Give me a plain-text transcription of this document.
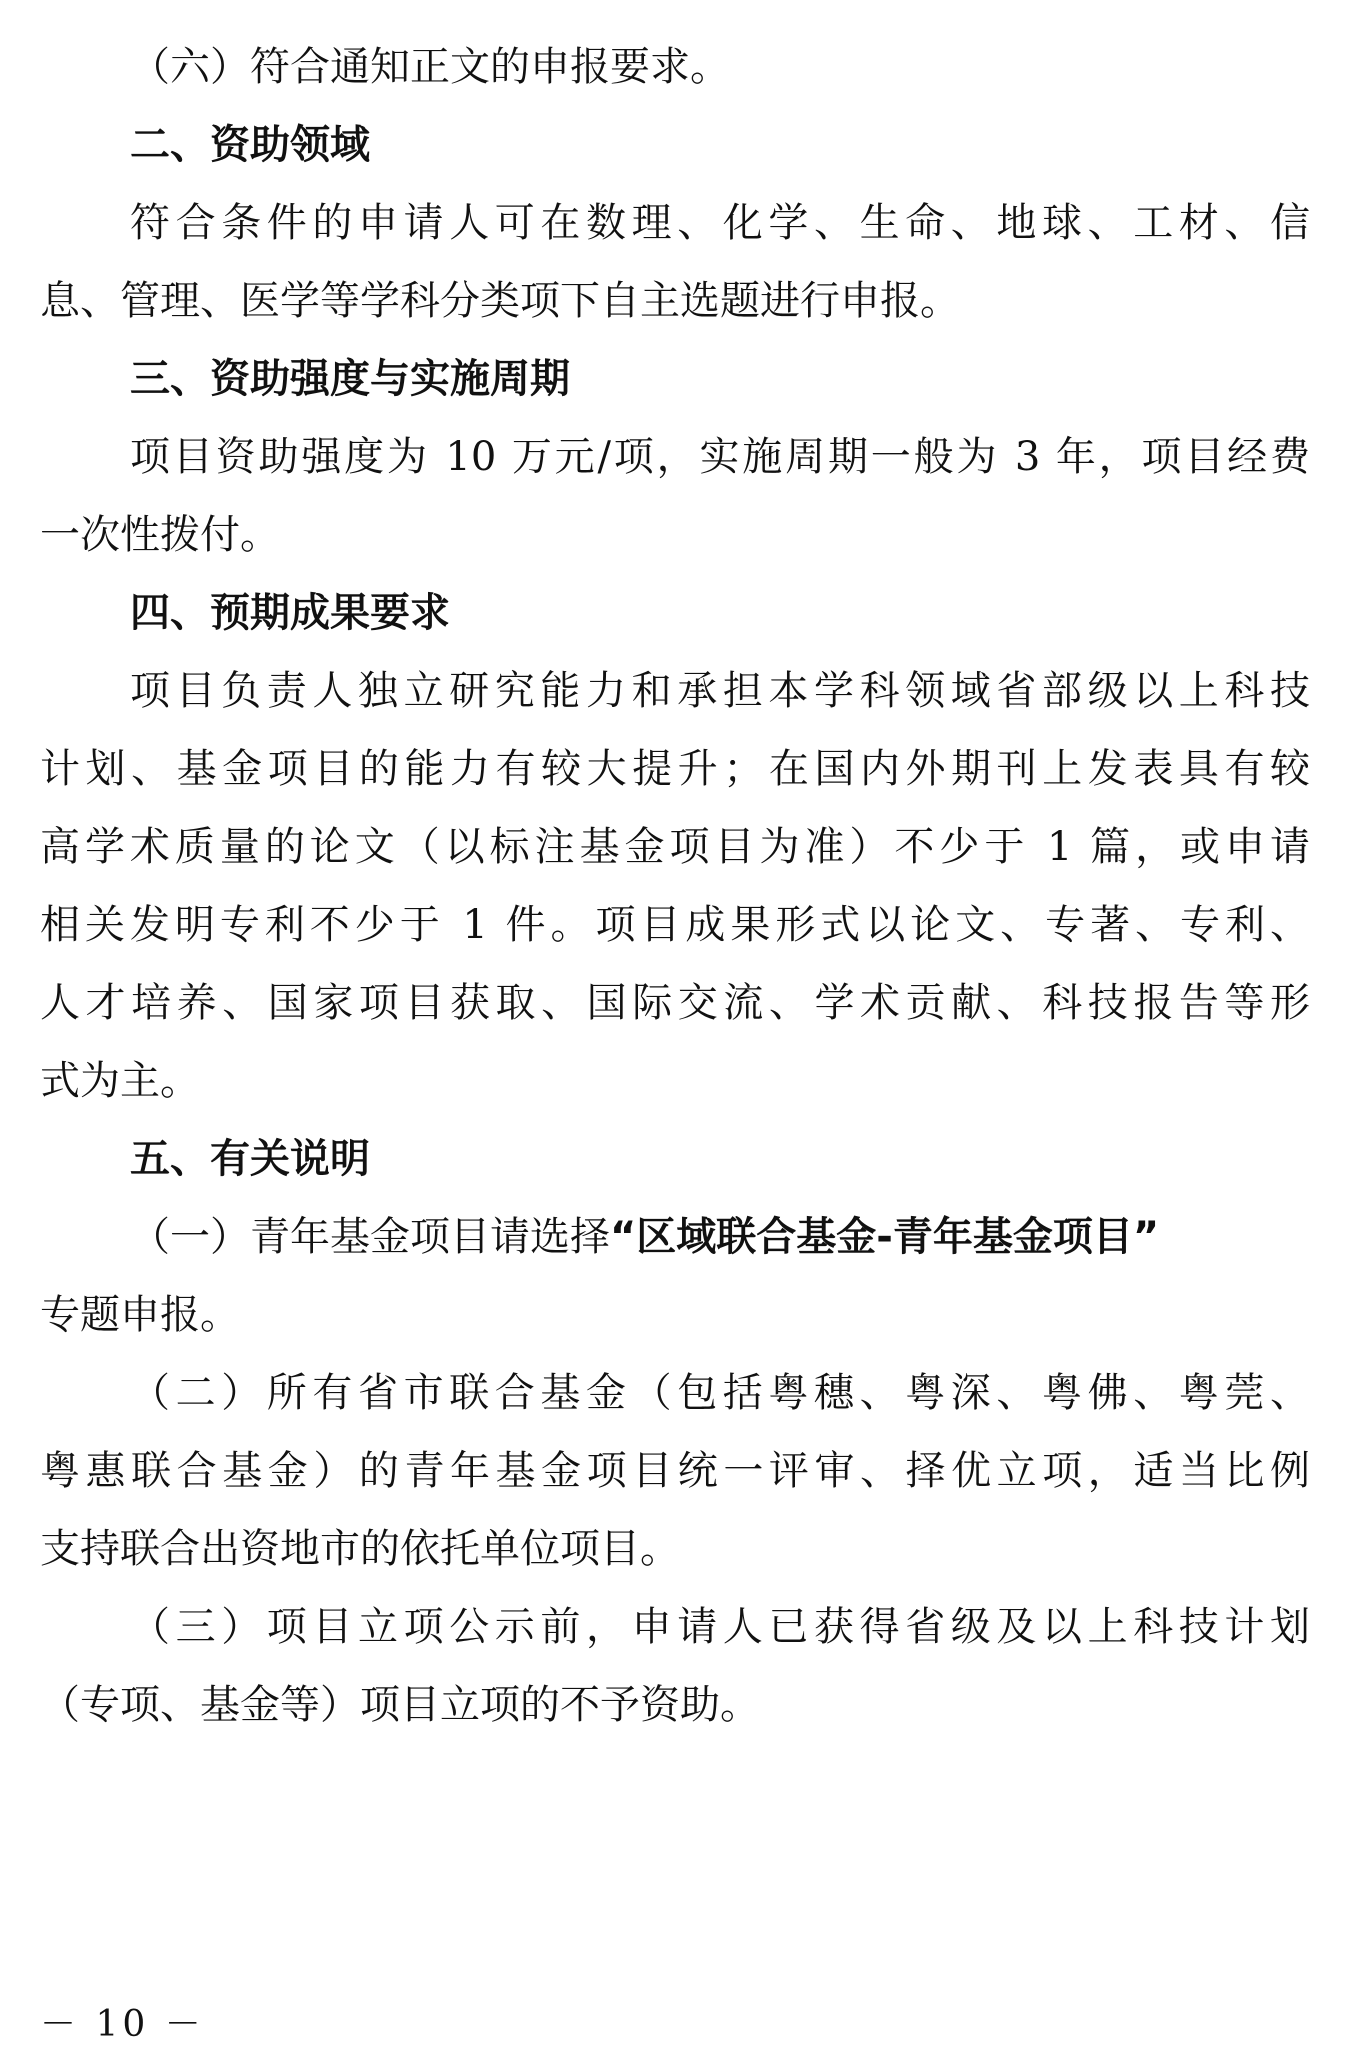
（六）符合通知正文的申报要求。
二、资助领域
符合条件的申请人可在数理、化学、生命、地球、工材、信
息、管理、医学等学科分类项下自主选题进行申报。
三、资助强度与实施周期
项目资助强度为 10 万元/项，实施周期一般为 3 年，项目经费
一次性拨付。
四、预期成果要求
项目负责人独立研究能力和承担本学科领域省部级以上科技
计划、基金项目的能力有较大提升；在国内外期刊上发表具有较
高学术质量的论文（以标注基金项目为准）不少于 1 篇，或申请
相关发明专利不少于 1 件。项目成果形式以论文、专著、专利、
人才培养、国家项目获取、国际交流、学术贡献、科技报告等形
式为主。
五、有关说明
（一）青年基金项目请选择“区域联合基金-青年基金项目”
专题申报。
（二）所有省市联合基金（包括粤穗、粤深、粤佛、粤莞、
粤惠联合基金）的青年基金项目统一评审、择优立项，适当比例
支持联合出资地市的依托单位项目。
（三）项目立项公示前，申请人已获得省级及以上科技计划
（专项、基金等）项目立项的不予资助。
－ 10 －
